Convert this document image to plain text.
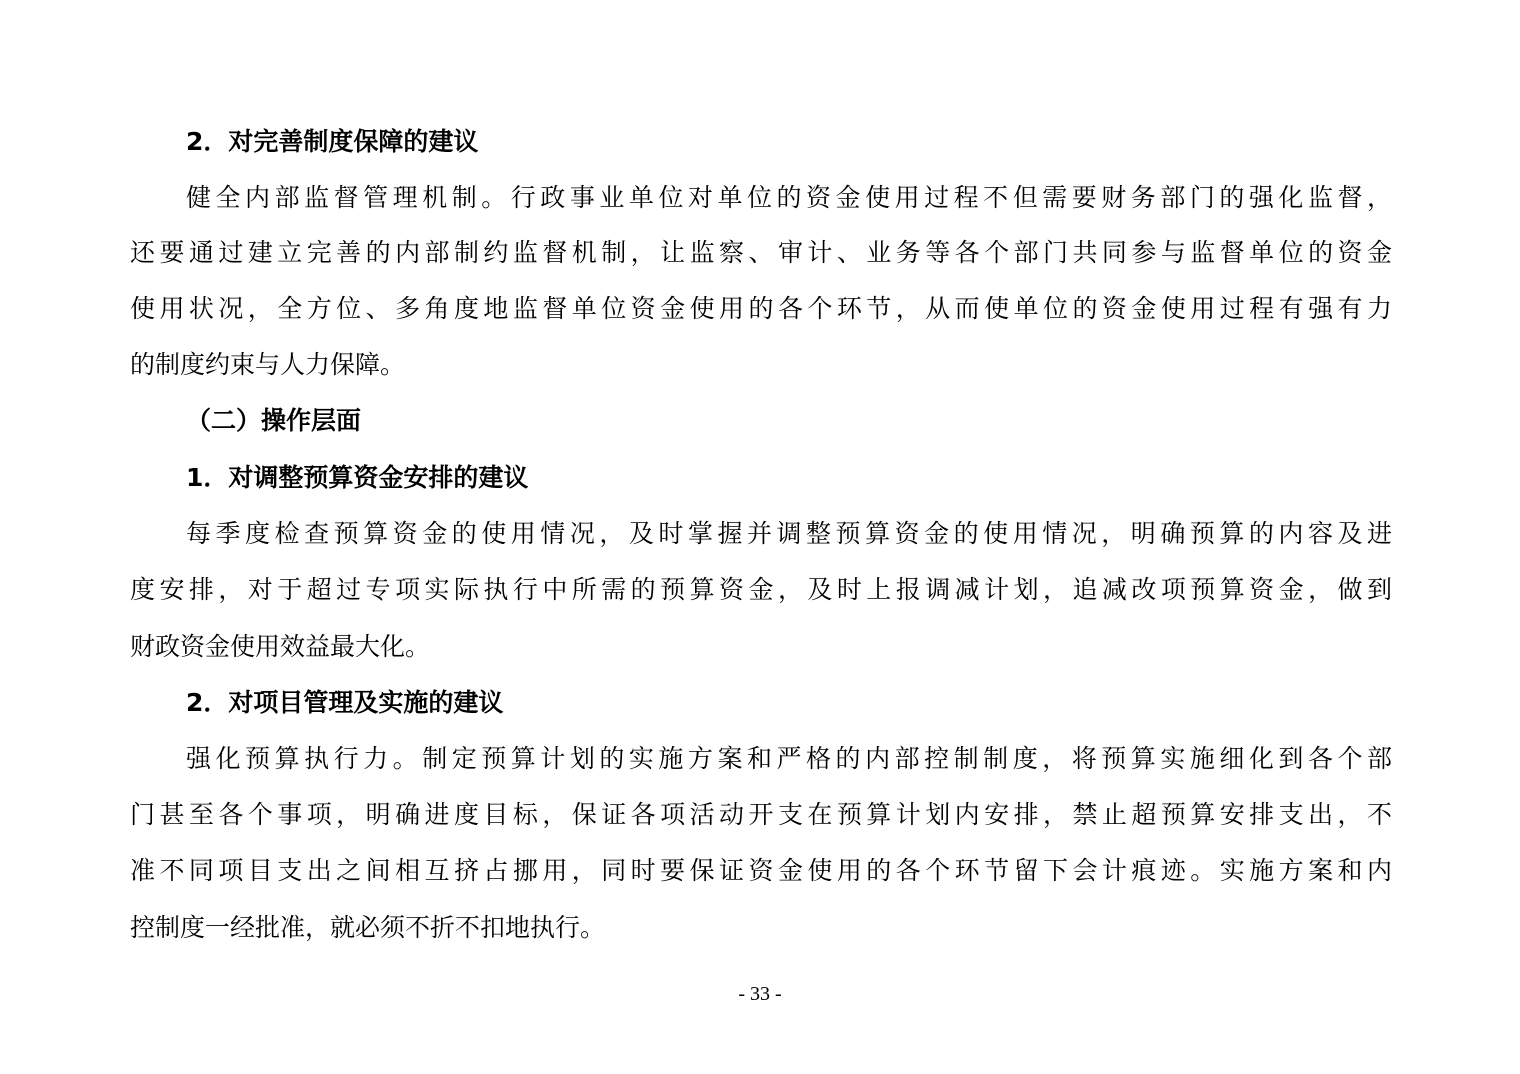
2．对完善制度保障的建议
健全内部监督管理机制。行政事业单位对单位的资金使用过程不但需要财务部门的强化监督，
还要通过建立完善的内部制约监督机制，让监察、审计、业务等各个部门共同参与监督单位的资金
使用状况，全方位、多角度地监督单位资金使用的各个环节，从而使单位的资金使用过程有强有力
的制度约束与人力保障。
（二）操作层面
1．对调整预算资金安排的建议
每季度检查预算资金的使用情况，及时掌握并调整预算资金的使用情况，明确预算的内容及进
度安排，对于超过专项实际执行中所需的预算资金，及时上报调减计划，追减改项预算资金，做到
财政资金使用效益最大化。
2．对项目管理及实施的建议
强化预算执行力。制定预算计划的实施方案和严格的内部控制制度，将预算实施细化到各个部
门甚至各个事项，明确进度目标，保证各项活动开支在预算计划内安排，禁止超预算安排支出，不
准不同项目支出之间相互挤占挪用，同时要保证资金使用的各个环节留下会计痕迹。实施方案和内
控制度一经批准，就必须不折不扣地执行。
- 33 -
